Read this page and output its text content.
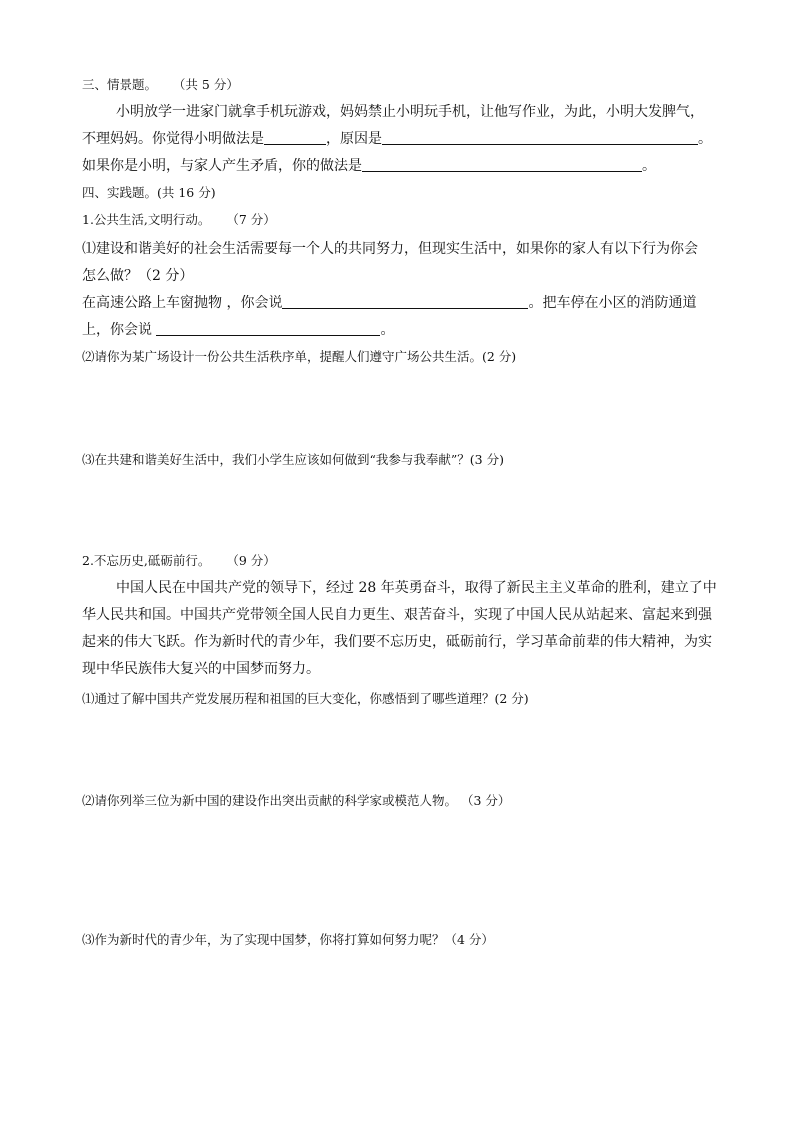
三、情景题。 （共 5 分）
小明放学一进家门就拿手机玩游戏，妈妈禁止小明玩手机，让他写作业，为此，小明大发脾气，
不理妈妈。你觉得小明做法是	，原因是	。
如果你是小明，与家人产生矛盾，你的做法是	。
四、实践题。(共 16 分)
1.公共生活,文明行动。 （7 分）
⑴建设和谐美好的社会生活需要每一个人的共同努力，但现实生活中，如果你的家人有以下行为你会
怎么做？（2 分）
在高速公路上车窗抛物 ，你会说	。把车停在小区的消防通道
上，你会说	。
⑵请你为某广场设计一份公共生活秩序单，提醒人们遵守广场公共生活。(2 分)
⑶在共建和谐美好生活中，我们小学生应该如何做到“我参与我奉献”？(3 分)
2.不忘历史,砥砺前行。 （9 分）
中国人民在中国共产党的领导下，经过 28 年英勇奋斗，取得了新民主主义革命的胜利，建立了中
华人民共和国。中国共产党带领全国人民自力更生、艰苦奋斗，实现了中国人民从站起来、富起来到强
起来的伟大飞跃。作为新时代的青少年，我们要不忘历史，砥砺前行，学习革命前辈的伟大精神，为实
现中华民族伟大复兴的中国梦而努力。
⑴通过了解中国共产党发展历程和祖国的巨大变化，你感悟到了哪些道理？(2 分)
⑵请你列举三位为新中国的建设作出突出贡献的科学家或模范人物。 （3 分）
⑶作为新时代的青少年，为了实现中国梦，你将打算如何努力呢？（4 分）
